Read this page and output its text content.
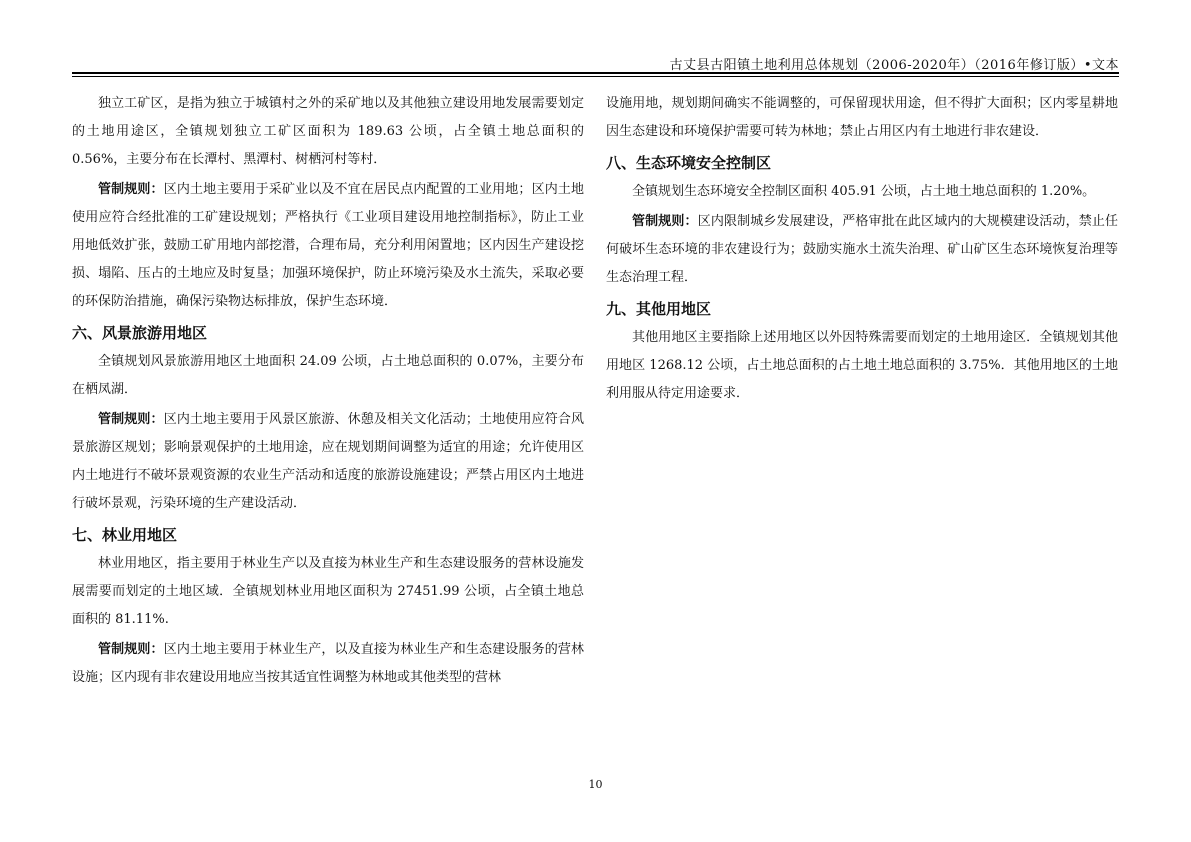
古丈县古阳镇土地利用总体规划（2006-2020年）（2016年修订版）•文本

独立工矿区，是指为独立于城镇村之外的采矿地以及其他独立建设用地发展需要划定的土地用途区，全镇规划独立工矿区面积为 189.63 公顷，占全镇土地总面积的 0.56%，主要分布在长潭村、黑潭村、树栖河村等村．

管制规则：区内土地主要用于采矿业以及不宜在居民点内配置的工业用地；区内土地使用应符合经批准的工矿建设规划；严格执行《工业项目建设用地控制指标》，防止工业用地低效扩张，鼓励工矿用地内部挖潜，合理布局，充分利用闲置地；区内因生产建设挖损、塌陷、压占的土地应及时复垦；加强环境保护，防止环境污染及水土流失，采取必要的环保防治措施，确保污染物达标排放，保护生态环境．

六、风景旅游用地区

全镇规划风景旅游用地区土地面积 24.09 公顷，占土地总面积的 0.07%，主要分布在栖凤湖．

管制规则：区内土地主要用于风景区旅游、休憩及相关文化活动；土地使用应符合风景旅游区规划；影响景观保护的土地用途，应在规划期间调整为适宜的用途；允许使用区内土地进行不破坏景观资源的农业生产活动和适度的旅游设施建设；严禁占用区内土地进行破坏景观，污染环境的生产建设活动．

七、林业用地区

林业用地区，指主要用于林业生产以及直接为林业生产和生态建设服务的营林设施发展需要而划定的土地区域．全镇规划林业用地区面积为 27451.99 公顷，占全镇土地总面积的 81.11%.

管制规则：区内土地主要用于林业生产，以及直接为林业生产和生态建设服务的营林设施；区内现有非农建设用地应当按其适宜性调整为林地或其他类型的营林

设施用地，规划期间确实不能调整的，可保留现状用途，但不得扩大面积；区内零星耕地因生态建设和环境保护需要可转为林地；禁止占用区内有土地进行非农建设．

八、生态环境安全控制区

全镇规划生态环境安全控制区面积 405.91 公顷，占土地土地总面积的 1.20%。

管制规则：区内限制城乡发展建设，严格审批在此区域内的大规模建设活动，禁止任何破坏生态环境的非农建设行为；鼓励实施水土流失治理、矿山矿区生态环境恢复治理等生态治理工程．

九、其他用地区

其他用地区主要指除上述用地区以外因特殊需要而划定的土地用途区．全镇规划其他用地区 1268.12 公顷，占土地总面积的占土地土地总面积的 3.75%．其他用地区的土地利用服从待定用途要求．

10
